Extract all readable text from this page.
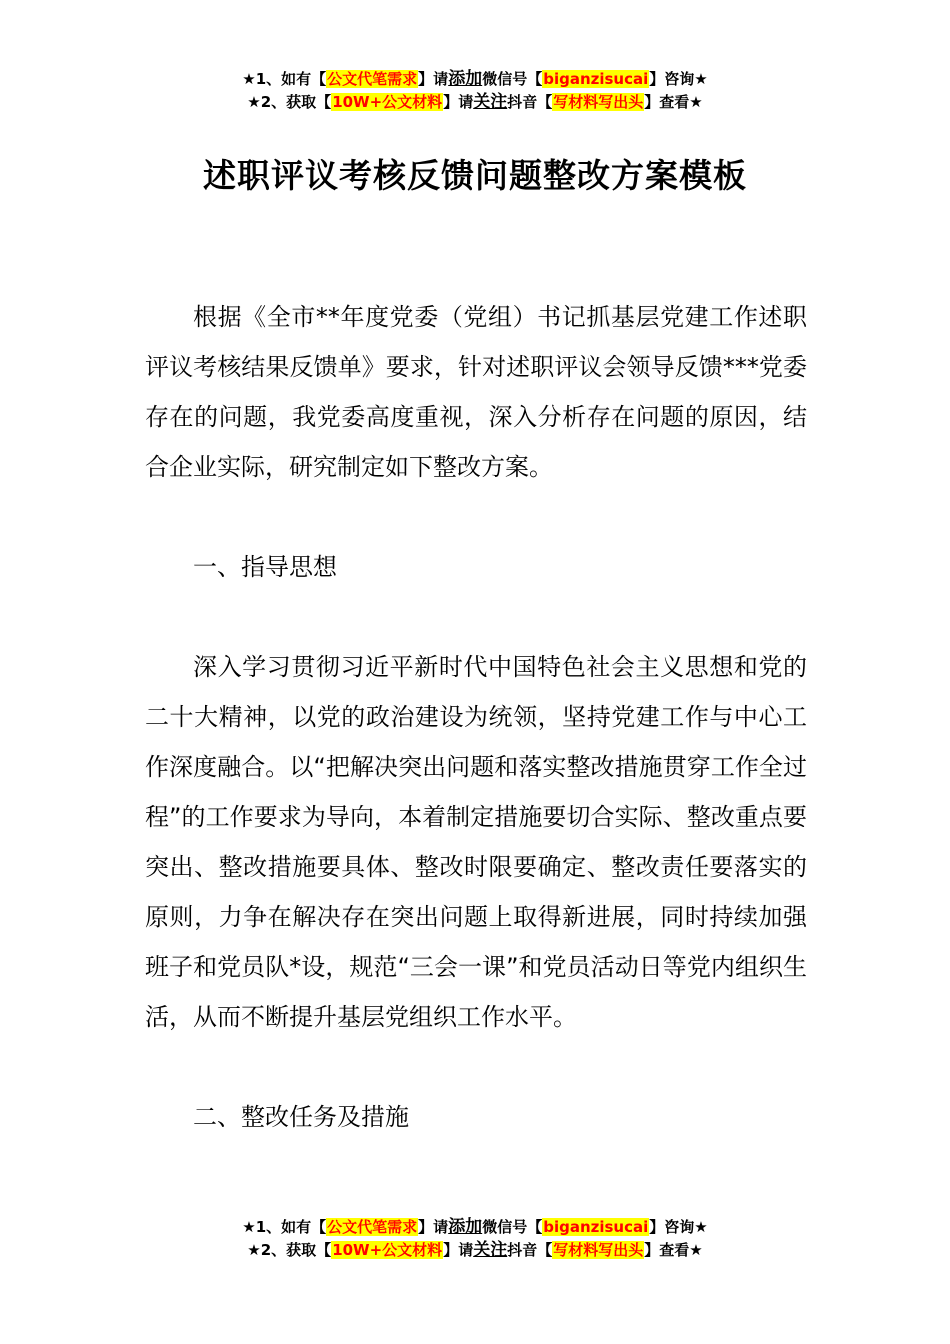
★1、如有【公文代笔需求】请添加微信号【biganzisucai】咨询★
★2、获取【10W+公文材料】请关注抖音【写材料写出头】查看★
述职评议考核反馈问题整改方案模板

根据《全市**年度党委（党组）书记抓基层党建工作述职评议考核结果反馈单》要求，针对述职评议会领导反馈***党委存在的问题，我党委高度重视，深入分析存在问题的原因，结合企业实际，研究制定如下整改方案。

一、指导思想

深入学习贯彻习近平新时代中国特色社会主义思想和党的二十大精神，以党的政治建设为统领，坚持党建工作与中心工作深度融合。以“把解决突出问题和落实整改措施贯穿工作全过程”的工作要求为导向，本着制定措施要切合实际、整改重点要突出、整改措施要具体、整改时限要确定、整改责任要落实的原则，力争在解决存在突出问题上取得新进展，同时持续加强班子和党员队*设，规范“三会一课”和党员活动日等党内组织生活，从而不断提升基层党组织工作水平。

二、整改任务及措施

★1、如有【公文代笔需求】请添加微信号【biganzisucai】咨询★
★2、获取【10W+公文材料】请关注抖音【写材料写出头】查看★
